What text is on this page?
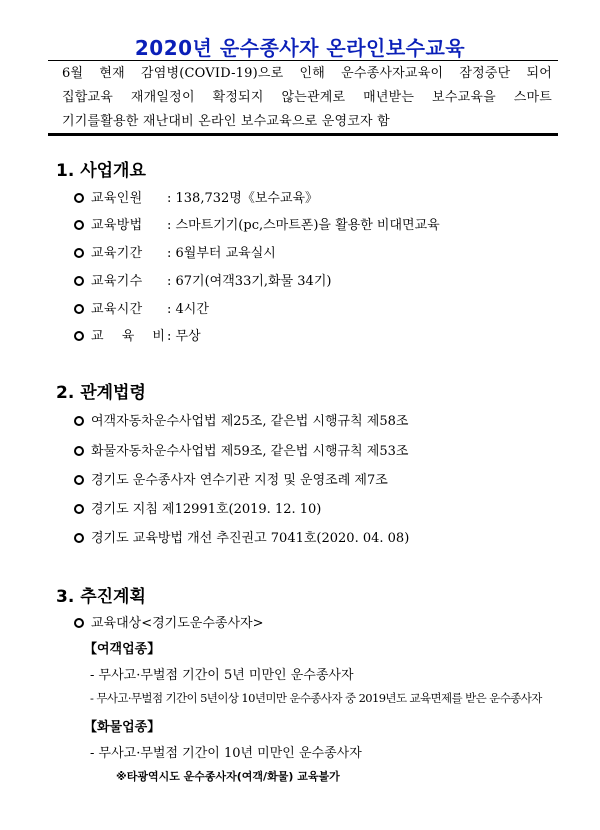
2020년 운수종사자 온라인보수교육

6월 현재 감염병(COVID-19)으로 인해 운수종사자교육이 잠정중단 되어

집합교육 재개일정이 확정되지 않는관계로 매년받는 보수교육을 스마트

기기를활용한 재난대비 온라인 보수교육으로 운영코자 함

1. 사업개요
교육인원 : 138,732명《보수교육》
교육방법 : 스마트기기(pc,스마트폰)을 활용한 비대면교육
교육기간 : 6월부터 교육실시
교육기수 : 67기(여객33기,화물 34기)
교육시간 : 4시간
교 육 비: 무상
2. 관계법령
여객자동차운수사업법 제25조, 같은법 시행규칙 제58조
화물자동차운수사업법 제59조, 같은법 시행규칙 제53조
경기도 운수종사자 연수기관 지정 및 운영조례 제7조
경기도 지침 제12991호(2019. 12. 10)
경기도 교육방법 개선 추진권고 7041호(2020. 04. 08)
3. 추진계획
교육대상<경기도운수종사자>
【여객업종】
- 무사고·무벌점 기간이 5년 미만인 운수종사자
- 무사고·무벌점 기간이 5년이상 10년미만 운수종사자 중 2019년도 교육면제를 받은 운수종사자
【화물업종】
- 무사고·무벌점 기간이 10년 미만인 운수종사자
※타광역시도 운수종사자(여객/화물) 교육불가
